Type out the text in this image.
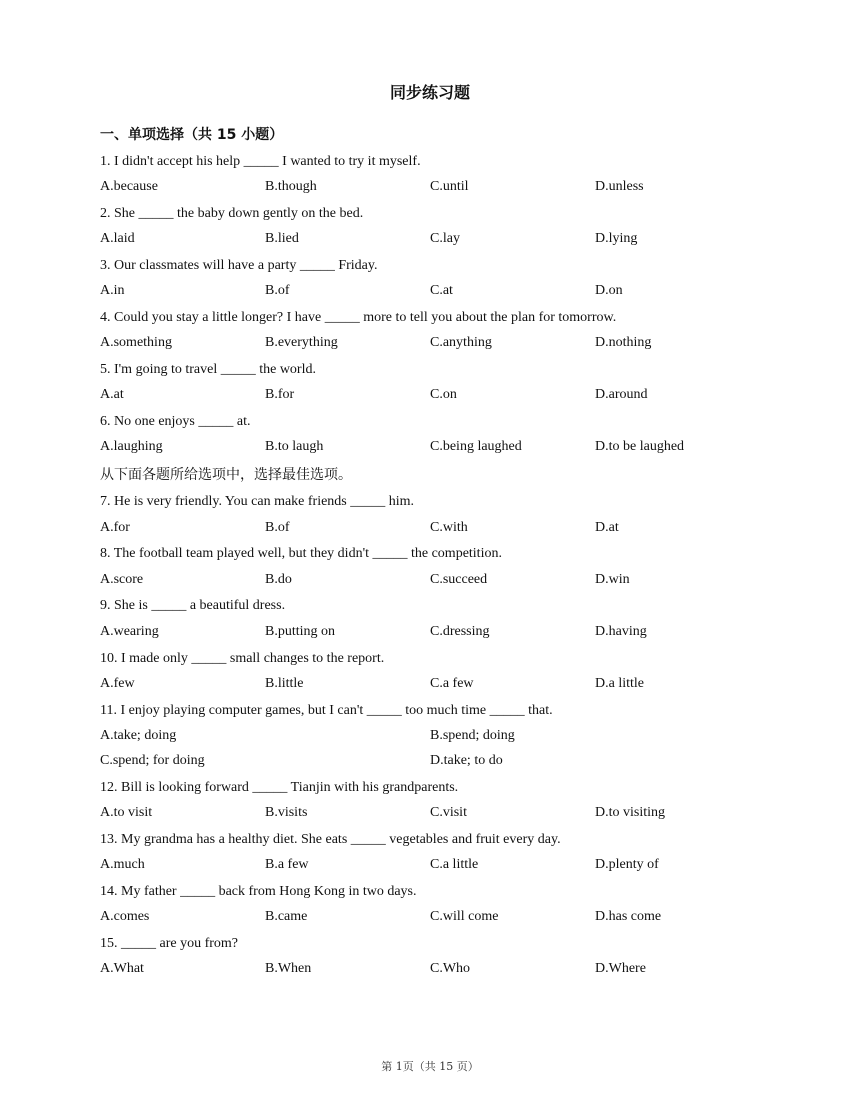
同步练习题
一、单项选择（共 15 小题）
1. I didn't accept his help _____ I wanted to try it myself.
A.because	B.though	C.until	D.unless
2. She _____ the baby down gently on the bed.
A.laid	B.lied	C.lay	D.lying
3. Our classmates will have a party _____ Friday.
A.in	B.of	C.at	D.on
4. Could you stay a little longer? I have _____ more to tell you about the plan for tomorrow.
A.something	B.everything	C.anything	D.nothing
5. I'm going to travel _____ the world.
A.at	B.for	C.on	D.around
6. No one enjoys _____ at.
A.laughing	B.to laugh	C.being laughed	D.to be laughed
从下面各题所给选项中，选择最佳选项。
7. He is very friendly. You can make friends _____ him.
A.for	B.of	C.with	D.at
8. The football team played well, but they didn't _____ the competition.
A.score	B.do	C.succeed	D.win
9. She is _____ a beautiful dress.
A.wearing	B.putting on	C.dressing	D.having
10. I made only _____ small changes to the report.
A.few	B.little	C.a few	D.a little
11. I enjoy playing computer games, but I can't _____ too much time _____ that.
A.take; doing	B.spend; doing
C.spend; for doing	D.take; to do
12. Bill is looking forward _____ Tianjin with his grandparents.
A.to visit	B.visits	C.visit	D.to visiting
13. My grandma has a healthy diet. She eats _____ vegetables and fruit every day.
A.much	B.a few	C.a little	D.plenty of
14. My father _____ back from Hong Kong in two days.
A.comes	B.came	C.will come	D.has come
15. _____ are you from?
A.What	B.When	C.Who	D.Where
第 1页（共 15 页）
